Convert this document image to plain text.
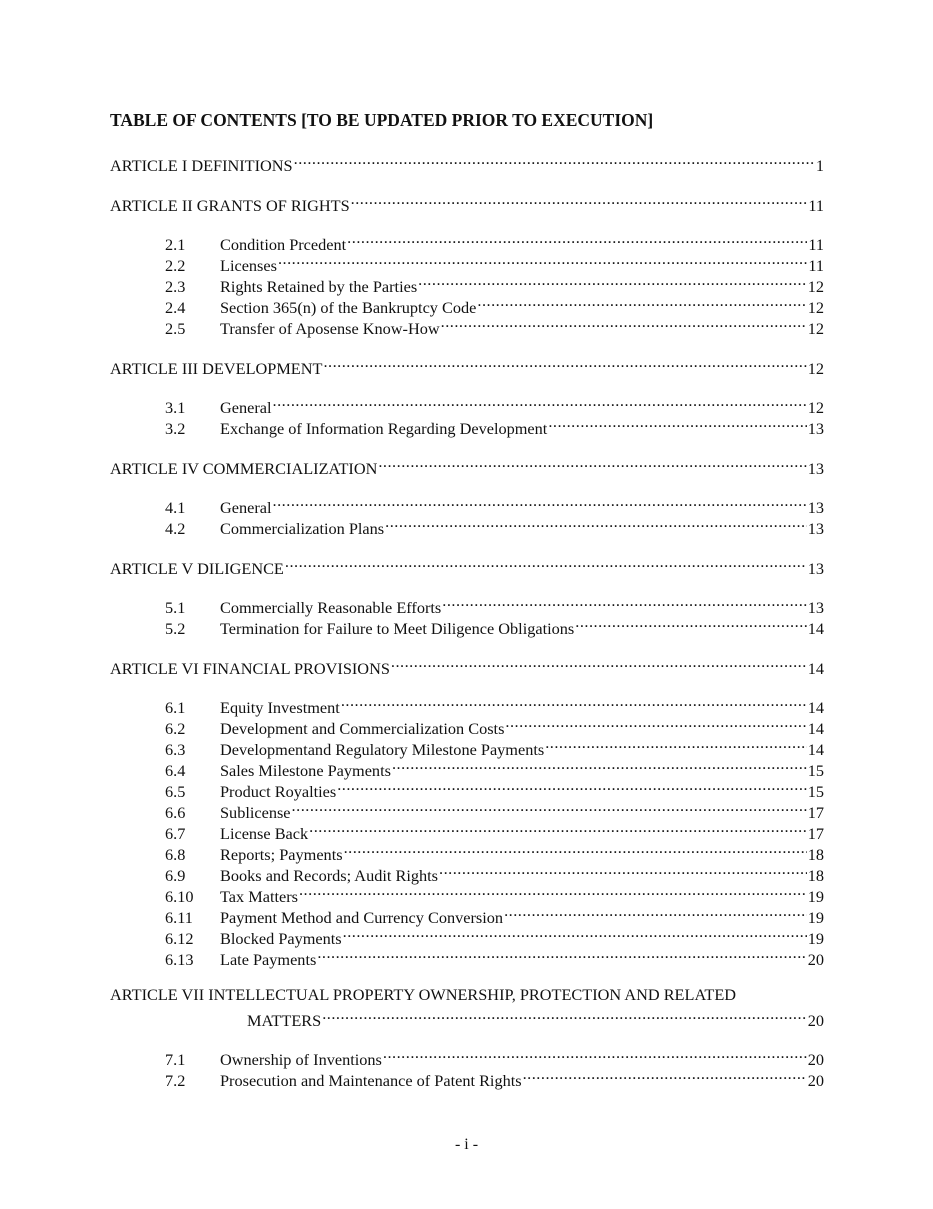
TABLE OF CONTENTS [TO BE UPDATED PRIOR TO EXECUTION]
ARTICLE I DEFINITIONS .....	1
ARTICLE II GRANTS OF RIGHTS .....	11
2.1	Condition Prcedent .....	11
2.2	Licenses .....	11
2.3	Rights Retained by the Parties .....	12
2.4	Section 365(n) of the Bankruptcy Code .....	12
2.5	Transfer of Aposense Know-How .....	12
ARTICLE III DEVELOPMENT .....	12
3.1	General .....	12
3.2	Exchange of Information Regarding Development .....	13
ARTICLE IV COMMERCIALIZATION .....	13
4.1	General .....	13
4.2	Commercialization Plans .....	13
ARTICLE V DILIGENCE .....	13
5.1	Commercially Reasonable Efforts .....	13
5.2	Termination for Failure to Meet Diligence Obligations .....	14
ARTICLE VI FINANCIAL PROVISIONS .....	14
6.1	Equity Investment .....	14
6.2	Development and Commercialization Costs .....	14
6.3	Developmentand Regulatory Milestone Payments .....	14
6.4	Sales Milestone Payments .....	15
6.5	Product Royalties .....	15
6.6	Sublicense .....	17
6.7	License Back .....	17
6.8	Reports; Payments .....	18
6.9	Books and Records; Audit Rights .....	18
6.10	Tax Matters .....	19
6.11	Payment Method and Currency Conversion .....	19
6.12	Blocked Payments .....	19
6.13	Late Payments .....	20
ARTICLE VII INTELLECTUAL PROPERTY OWNERSHIP, PROTECTION AND RELATED
MATTERS .....	20
7.1	Ownership of Inventions .....	20
7.2	Prosecution and Maintenance of Patent Rights .....	20
- i -
